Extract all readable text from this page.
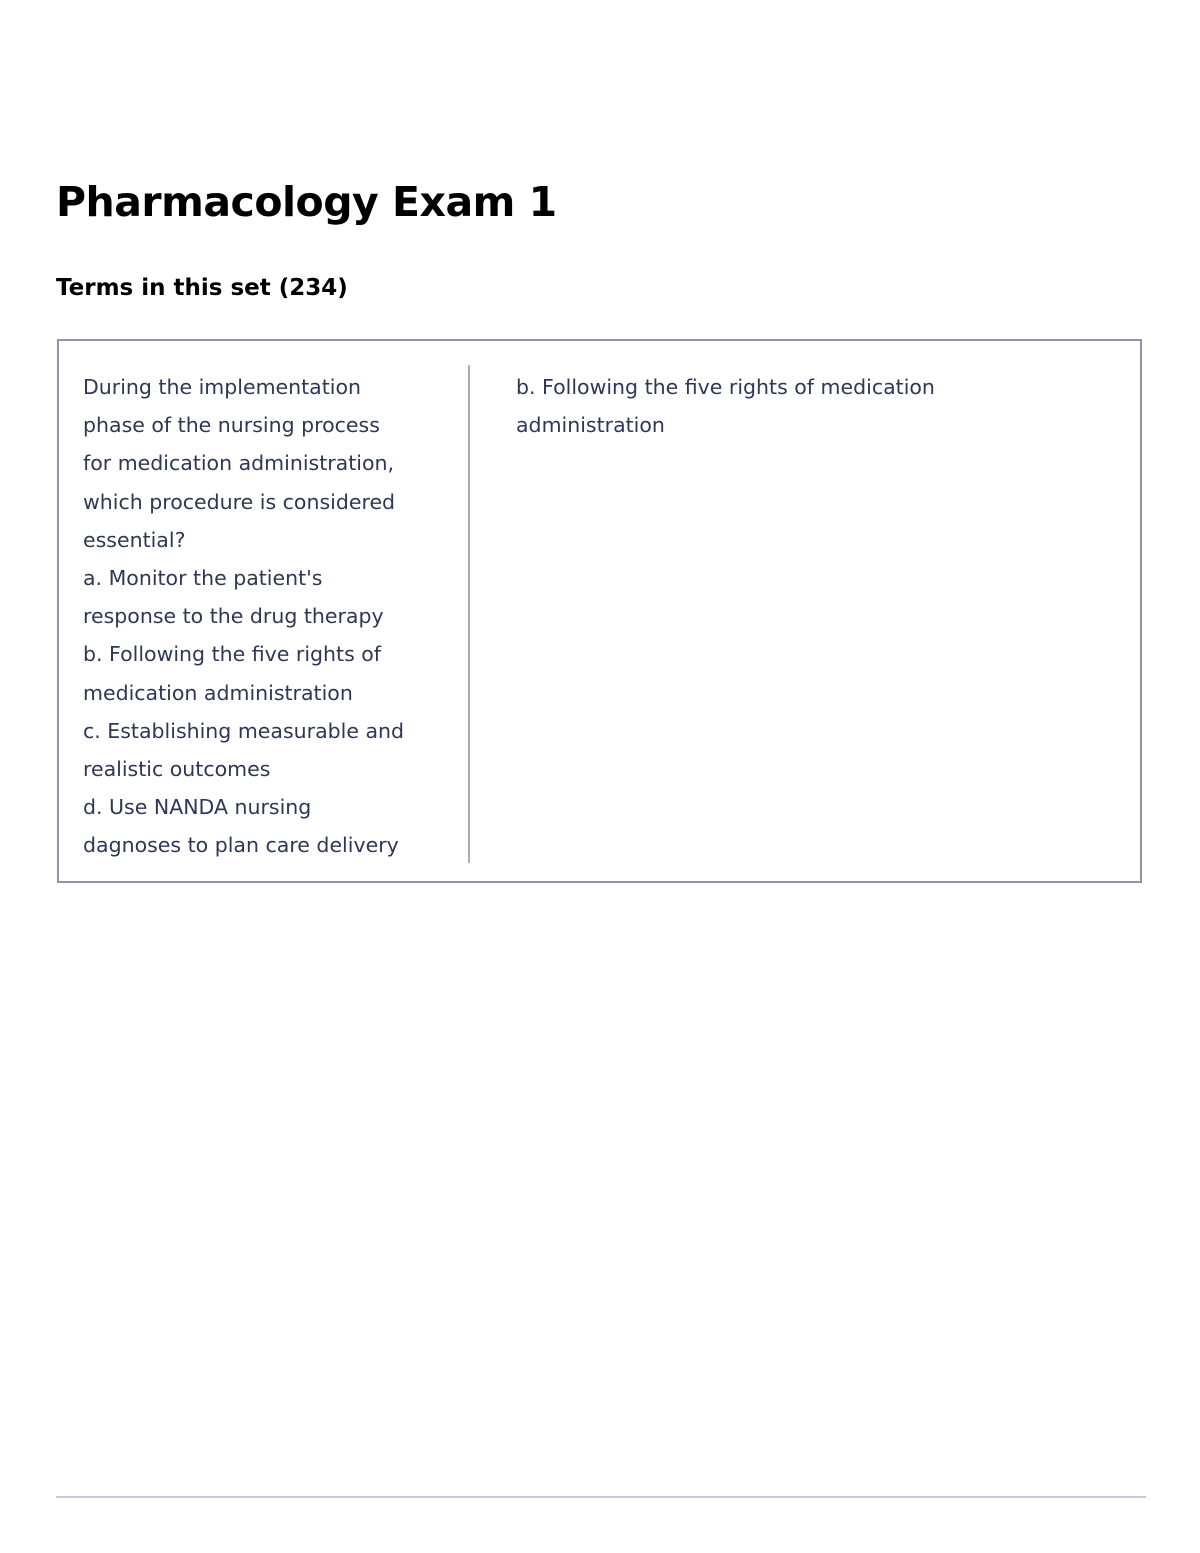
Pharmacology Exam 1
Terms in this set (234)
During the implementation
phase of the nursing process
for medication administration,
which procedure is considered
essential?
a. Monitor the patient's
response to the drug therapy
b. Following the five rights of
medication administration
c. Establishing measurable and
realistic outcomes
d. Use NANDA nursing
dagnoses to plan care delivery
b. Following the five rights of medication
administration
